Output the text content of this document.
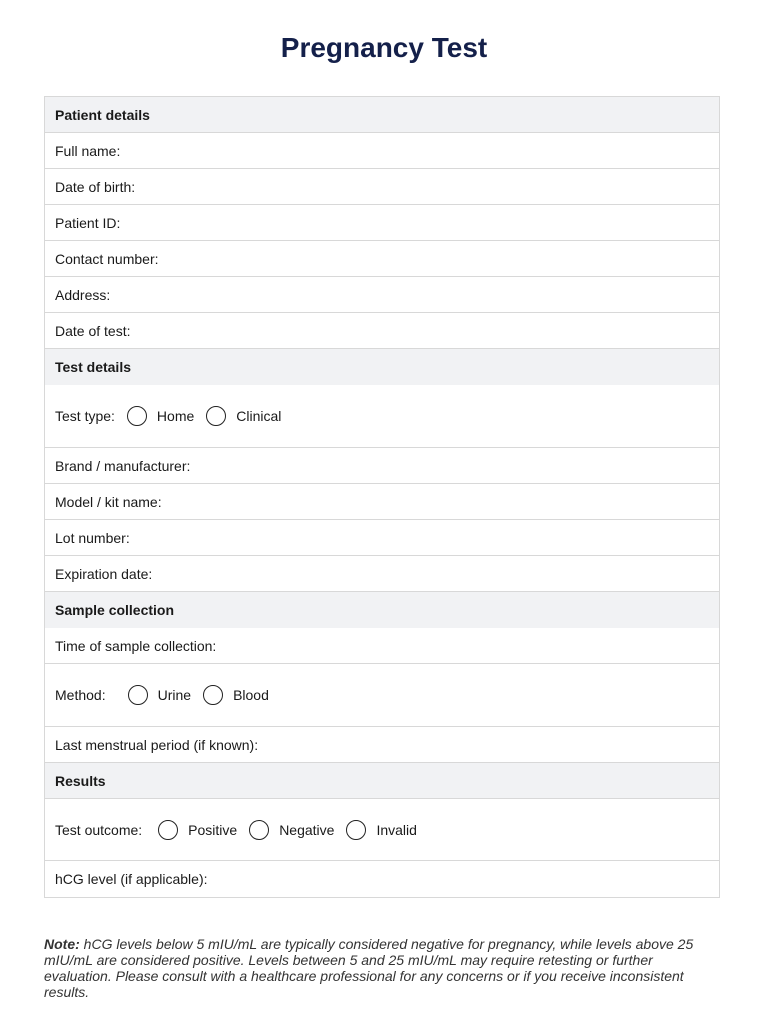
Pregnancy Test
Patient details
Full name:
Date of birth:
Patient ID:
Contact number:
Address:
Date of test:
Test details
Test type:	Home	Clinical
Brand / manufacturer:
Model / kit name:
Lot number:
Expiration date:
Sample collection
Time of sample collection:
Method:	Urine	Blood
Last menstrual period (if known):
Results
Test outcome:	Positive	Negative	Invalid
hCG level (if applicable):

Note: hCG levels below 5 mIU/mL are typically considered negative for pregnancy, while levels above 25 mIU/mL are considered positive. Levels between 5 and 25 mIU/mL may require retesting or further evaluation. Please consult with a healthcare professional for any concerns or if you receive inconsistent results.
